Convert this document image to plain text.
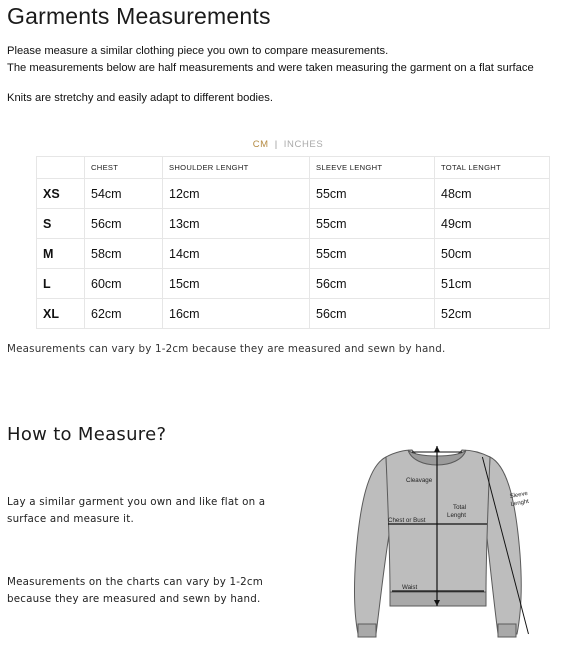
Garments Measurements

Please measure a similar clothing piece you own to compare measurements.

The measurements below are half measurements and were taken measuring the garment on a flat surface

Knits are stretchy and easily adapt to different bodies.
CM | INCHES
	CHEST	SHOULDER LENGHT	SLEEVE LENGHT	TOTAL LENGHT
XS	54cm	12cm	55cm	48cm
S	56cm	13cm	55cm	49cm
M	58cm	14cm	55cm	50cm
L	60cm	15cm	56cm	51cm
XL	62cm	16cm	56cm	52cm
Measurements can vary by 1-2cm because they are measured and sewn by hand.
How to Measure?

Lay a similar garment you own and like flat on a

surface and measure it.

Measurements on the charts can vary by 1-2cm

because they are measured and sewn by hand.

Cleavage
Total
Lenght
Chest or Bust
Waist
Sleeve
Lenght
